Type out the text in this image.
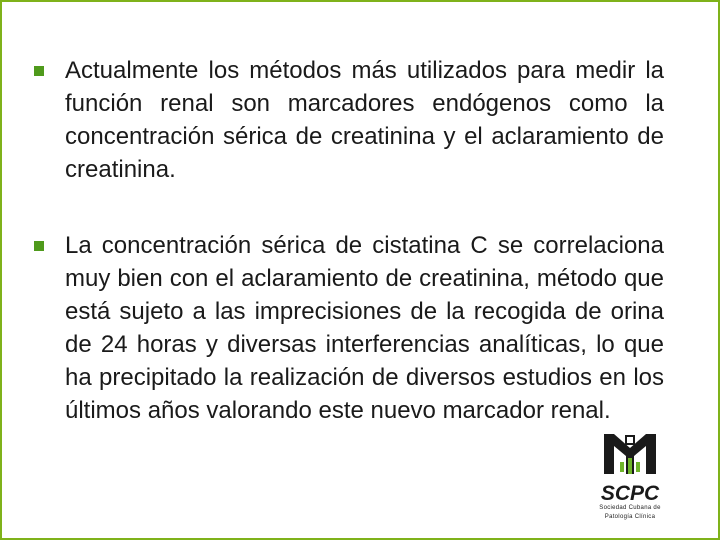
Actualmente los métodos más utilizados para medir la función renal son marcadores endógenos como la concentración sérica de creatinina y el aclaramiento de creatinina.
La concentración sérica de cistatina C se correlaciona muy bien con el aclaramiento de creatinina, método que está sujeto a las imprecisiones de la recogida de orina de 24 horas y diversas interferencias analíticas, lo que ha precipitado la realización de diversos estudios en los últimos años valorando este nuevo marcador renal.
SCPC
Sociedad Cubana de
Patología Clínica
